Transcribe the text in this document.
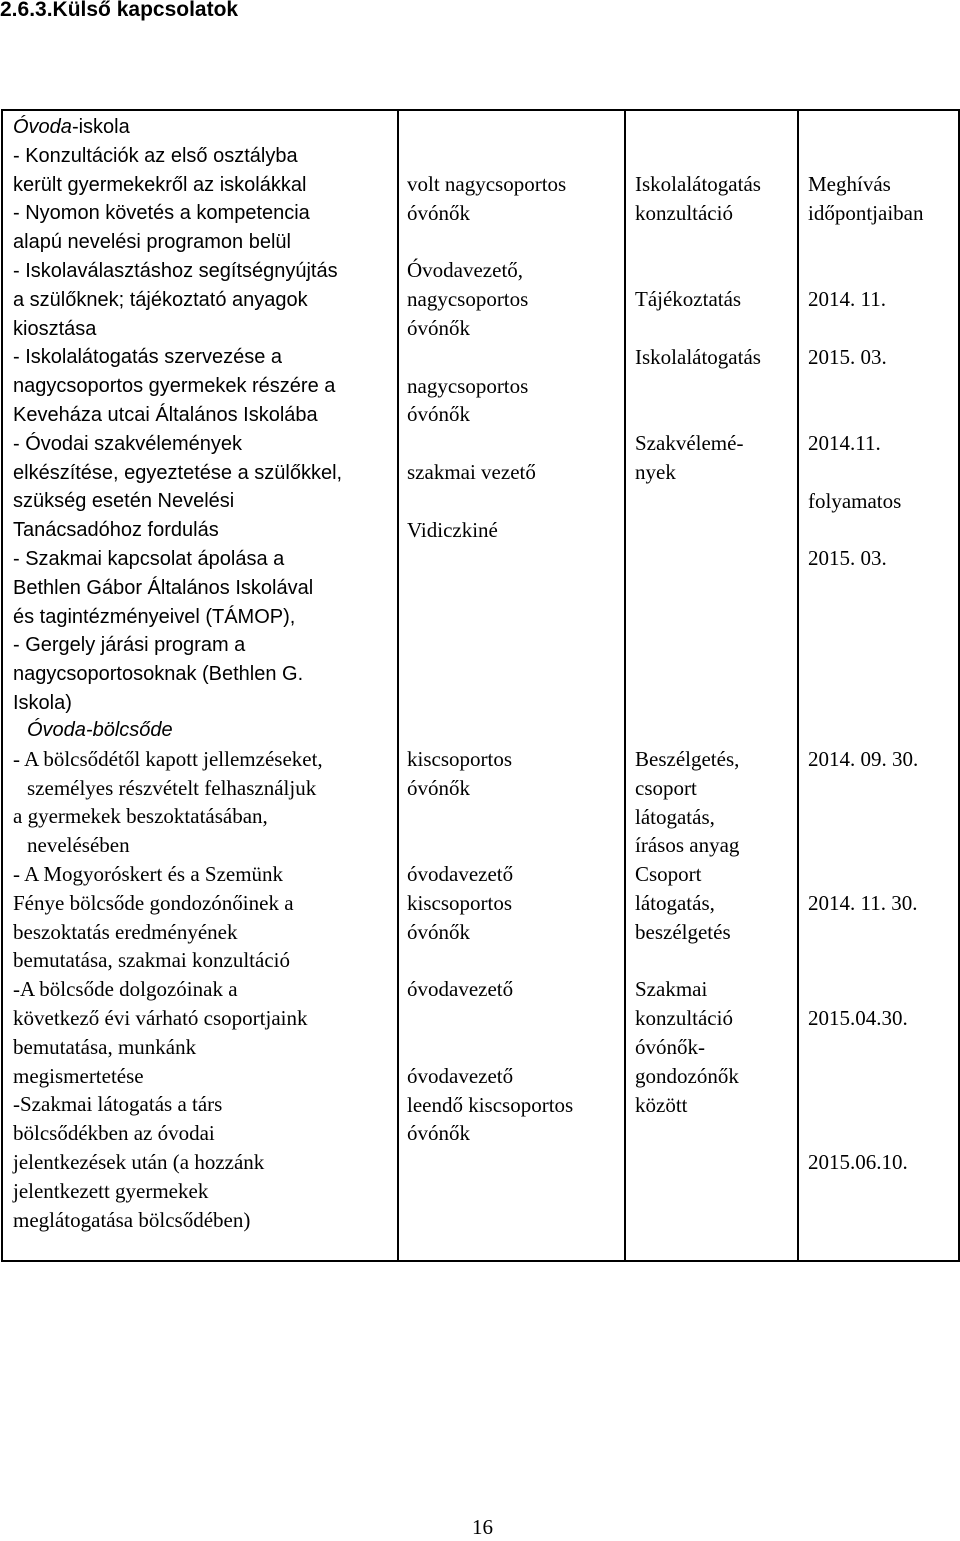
2.6.3.Külső kapcsolatok

Óvoda-iskola

- Konzultációk az első osztályba

került gyermekekről az iskolákkal

- Nyomon követés a kompetencia

alapú nevelési programon belül

- Iskolaválasztáshoz segítségnyújtás

a szülőknek; tájékoztató anyagok

kiosztása

- Iskolalátogatás szervezése a

nagycsoportos gyermekek részére a

Keveháza utcai Általános Iskolába

- Óvodai szakvélemények

elkészítése, egyeztetése a szülőkkel,

szükség esetén Nevelési

Tanácsadóhoz fordulás

- Szakmai kapcsolat ápolása a

Bethlen Gábor Általános Iskolával

és tagintézményeivel (TÁMOP),

- Gergely járási program a

nagycsoportosoknak (Bethlen G.

Iskola)

volt nagycsoportos

óvónők

Óvodavezető,

nagycsoportos

óvónők

nagycsoportos

óvónők

szakmai vezető

Vidiczkiné

Iskolalátogatás

konzultáció

Tájékoztatás

Iskolalátogatás

Szakvélemé-

nyek

Meghívás

időpontjaiban

2014. 11.

2015. 03.

2014.11.

folyamatos

2015. 03.

Óvoda-bölcsőde

- A bölcsődétől kapott jellemzéseket,

személyes részvételt felhasználjuk

a gyermekek beszoktatásában,

nevelésében

- A Mogyoróskert és a Szemünk

Fénye bölcsőde gondozónőinek a

beszoktatás eredményének

bemutatása, szakmai konzultáció

-A bölcsőde dolgozóinak a

következő évi várható csoportjaink

bemutatása, munkánk

megismertetése

-Szakmai látogatás a társ

bölcsődékben az óvodai

jelentkezések után (a hozzánk

jelentkezett gyermekek

meglátogatása bölcsődében)

kiscsoportos

óvónők

óvodavezető

kiscsoportos

óvónők

óvodavezető

óvodavezető

leendő kiscsoportos

óvónők

Beszélgetés,

csoport

látogatás,

írásos anyag

Csoport

látogatás,

beszélgetés

Szakmai

konzultáció

óvónők-

gondozónők

között

2014. 09. 30.

2014. 11. 30.

2015.04.30.

2015.06.10.

16
